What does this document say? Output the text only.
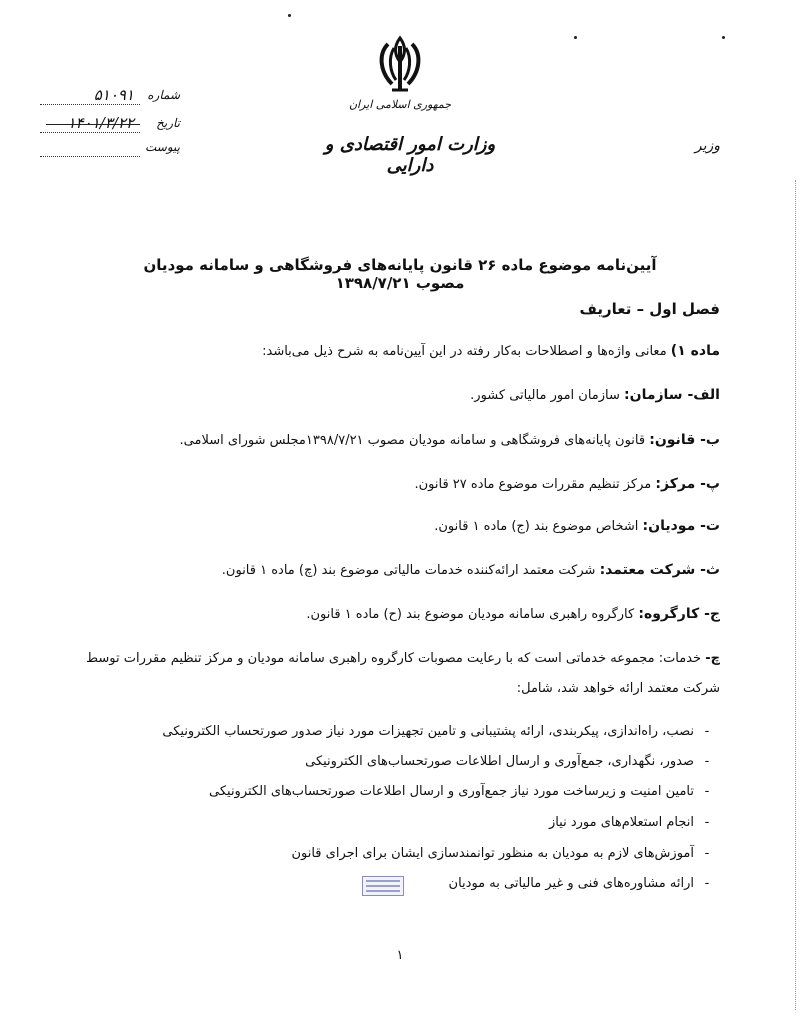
جمهوری اسلامی ایران
وزارت امور اقتصادی و دارایی
وزیر
۵۱۰۹۱ شماره
۱۴۰۱/۳/۲۲ تاریخ
پیوست
آیین‌نامه موضوع ماده ۲۶ قانون پایانه‌های فروشگاهی و سامانه مودیان مصوب ۱۳۹۸/۷/۲۱
فصل اول – تعاریف
ماده ۱) معانی واژه‌ها و اصطلاحات به‌کار رفته در این آیین‌نامه به شرح ذیل می‌باشد:
الف- سازمان: سازمان امور مالیاتی کشور.
ب- قانون: قانون پایانه‌های فروشگاهی و سامانه مودیان مصوب ۱۳۹۸/۷/۲۱مجلس شورای اسلامی.
پ- مرکز: مرکز تنظیم مقررات موضوع ماده ۲۷ قانون.
ت- مودیان: اشخاص موضوع بند (ج) ماده ۱ قانون.
ث- شرکت معتمد: شرکت معتمد ارائه‌کننده خدمات مالیاتی موضوع بند (چ) ماده ۱ قانون.
ج- کارگروه: کارگروه راهبری سامانه مودیان موضوع بند (ح) ماده ۱ قانون.
چ- خدمات: مجموعه خدماتی است که با رعایت مصوبات کارگروه راهبری سامانه مودیان و مرکز تنظیم مقررات توسط شرکت معتمد ارائه خواهد شد، شامل:
-نصب، راه‌اندازی، پیکربندی، ارائه پشتیبانی و تامین تجهیزات مورد نیاز صدور صورتحساب الکترونیکی
-صدور، نگهداری، جمع‌آوری و ارسال اطلاعات صورتحساب‌های الکترونیکی
-تامین امنیت و زیرساخت مورد نیاز جمع‌آوری و ارسال اطلاعات صورتحساب‌های الکترونیکی
-انجام استعلام‌های مورد نیاز
-آموزش‌های لازم به مودیان به منظور توانمندسازی ایشان برای اجرای قانون
-ارائه مشاوره‌های فنی و غیر مالیاتی به مودیان
۱
